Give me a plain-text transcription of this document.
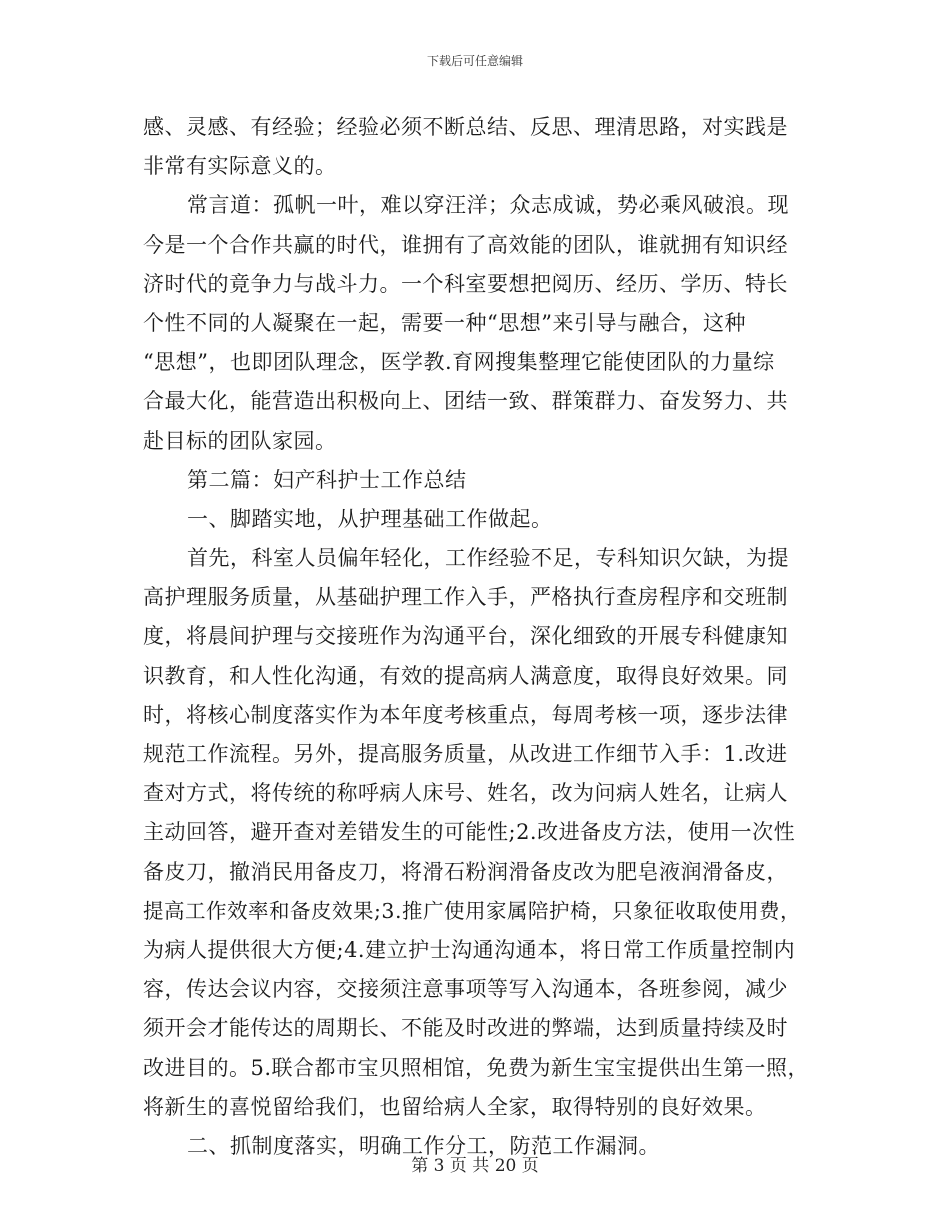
下载后可任意编辑
感、灵感、有经验；经验必须不断总结、反思、理清思路，对实践是
非常有实际意义的。
常言道：孤帆一叶，难以穿汪洋；众志成诚，势必乘风破浪。现
今是一个合作共赢的时代，谁拥有了高效能的团队，谁就拥有知识经
济时代的竟争力与战斗力。一个科室要想把阅历、经历、学历、特长
个性不同的人凝聚在一起，需要一种“思想”来引导与融合，这种
“思想”，也即团队理念，医学教.育网搜集整理它能使团队的力量综
合最大化，能营造出积极向上、团结一致、群策群力、奋发努力、共
赴目标的团队家园。
第二篇：妇产科护士工作总结
一、脚踏实地，从护理基础工作做起。
首先，科室人员偏年轻化，工作经验不足，专科知识欠缺，为提
高护理服务质量，从基础护理工作入手，严格执行查房程序和交班制
度，将晨间护理与交接班作为沟通平台，深化细致的开展专科健康知
识教育，和人性化沟通，有效的提高病人满意度，取得良好效果。同
时，将核心制度落实作为本年度考核重点，每周考核一项，逐步法律
规范工作流程。另外，提高服务质量，从改进工作细节入手：1.改进
查对方式，将传统的称呼病人床号、姓名，改为问病人姓名，让病人
主动回答，避开查对差错发生的可能性;2.改进备皮方法，使用一次性
备皮刀，撤消民用备皮刀，将滑石粉润滑备皮改为肥皂液润滑备皮，
提高工作效率和备皮效果;3.推广使用家属陪护椅，只象征收取使用费，
为病人提供很大方便;4.建立护士沟通沟通本，将日常工作质量控制内
容，传达会议内容，交接须注意事项等写入沟通本，各班参阅，减少
须开会才能传达的周期长、不能及时改进的弊端，达到质量持续及时
改进目的。5.联合都市宝贝照相馆，免费为新生宝宝提供出生第一照，
将新生的喜悦留给我们，也留给病人全家，取得特别的良好效果。
二、抓制度落实，明确工作分工，防范工作漏洞。
第 3 页 共 20 页
